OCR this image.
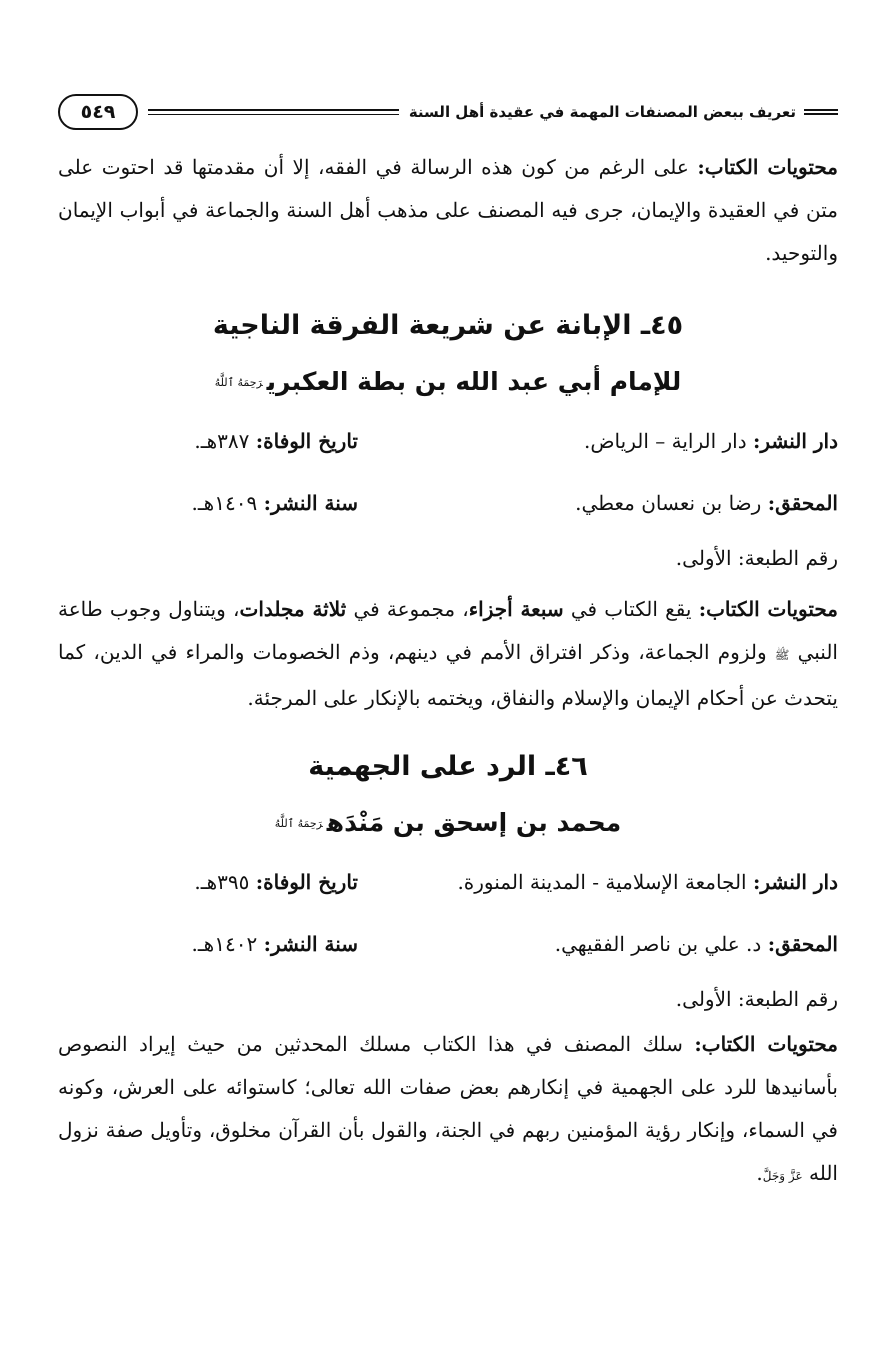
تعريف ببعض المصنفات المهمة في عقيدة أهل السنة
٥٤٩

محتويات الكتاب: على الرغم من كون هذه الرسالة في الفقه، إلا أن مقدمتها قد احتوت على متن في العقيدة والإيمان، جرى فيه المصنف على مذهب أهل السنة والجماعة في أبواب الإيمان والتوحيد.

٤٥ـ الإبانة عن شريعة الفرقة الناجية
للإمام أبي عبد الله بن بطة العكبريرَحِمَهُ ٱللَّهُ
دار النشر: دار الراية – الرياض.
تاريخ الوفاة: ٣٨٧هـ.
المحقق: رضا بن نعسان معطي.
سنة النشر: ١٤٠٩هـ.
رقم الطبعة: الأولى.

محتويات الكتاب: يقع الكتاب في سبعة أجزاء، مجموعة في ثلاثة مجلدات، ويتناول وجوب طاعة النبي ﷺ ولزوم الجماعة، وذكر افتراق الأمم في دينهم، وذم الخصومات والمراء في الدين، كما يتحدث عن أحكام الإيمان والإسلام والنفاق، ويختمه بالإنكار على المرجئة.

٤٦ـ الرد على الجهمية
محمد بن إسحق بن مَنْدَهرَحِمَهُ ٱللَّهُ
دار النشر: الجامعة الإسلامية - المدينة المنورة.
تاريخ الوفاة: ٣٩٥هـ.
المحقق: د. علي بن ناصر الفقيهي.
سنة النشر: ١٤٠٢هـ.
رقم الطبعة: الأولى.

محتويات الكتاب: سلك المصنف في هذا الكتاب مسلك المحدثين من حيث إيراد النصوص بأسانيدها للرد على الجهمية في إنكارهم بعض صفات الله تعالى؛ كاستوائه على العرش، وكونه في السماء، وإنكار رؤية المؤمنين ربهم في الجنة، والقول بأن القرآن مخلوق، وتأويل صفة نزول الله عَزَّ وَجَلَّ.
